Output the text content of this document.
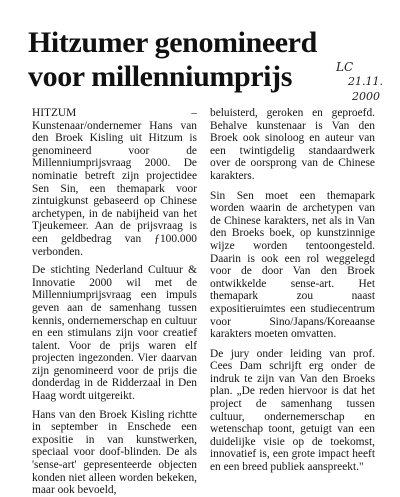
Hitzumer genomineerd
voor millenniumprijs	LC
21.11.
2000

HITZUM – Kunstenaar/ondernemer Hans van den Broek Kisling uit Hitzum is genomineerd voor de Millenniumprijsvraag 2000. De nominatie betreft zijn projectidee Sen Sin, een themapark voor zintuigkunst gebaseerd op Chinese archetypen, in de nabijheid van het Tjeukemeer. Aan de prijsvraag is een geldbedrag van ƒ100.000 verbonden.

De stichting Nederland Cultuur & Innovatie 2000 wil met de Millenniumprijsvraag een impuls geven aan de samenhang tussen kennis, ondernemerschap en cultuur en een stimulans zijn voor creatief talent. Voor de prijs waren elf projecten ingezonden. Vier daarvan zijn genomineerd voor de prijs die donderdag in de Ridderzaal in Den Haag wordt uitgereikt.

Hans van den Broek Kisling richtte in september in Enschede een expositie in van kunstwerken, speciaal voor doof-blinden. De als 'sense-art' gepresenteerde objecten konden niet alleen worden bekeken, maar ook bevoeld,

beluisterd, geroken en geproefd. Behalve kunstenaar is Van den Broek ook sinoloog en auteur van een twintigdelig standaardwerk over de oorsprong van de Chinese karakters.

Sin Sen moet een themapark worden waarin de archetypen van de Chinese karakters, net als in Van den Broeks boek, op kunstzinnige wijze worden tentoongesteld. Daarin is ook een rol weggelegd voor de door Van den Broek ontwikkelde sense-art. Het themapark zou naast expositieruimtes een studiecentrum voor Sino/Japans/Koreaanse karakters moeten omvatten.

De jury onder leiding van prof. Cees Dam schrijft erg onder de indruk te zijn van Van den Broeks plan. „De reden hiervoor is dat het project de samenhang tussen cultuur, ondernemerschap en wetenschap toont, getuigt van een duidelijke visie op de toekomst, innovatief is, een grote impact heeft en een breed publiek aanspreekt."
